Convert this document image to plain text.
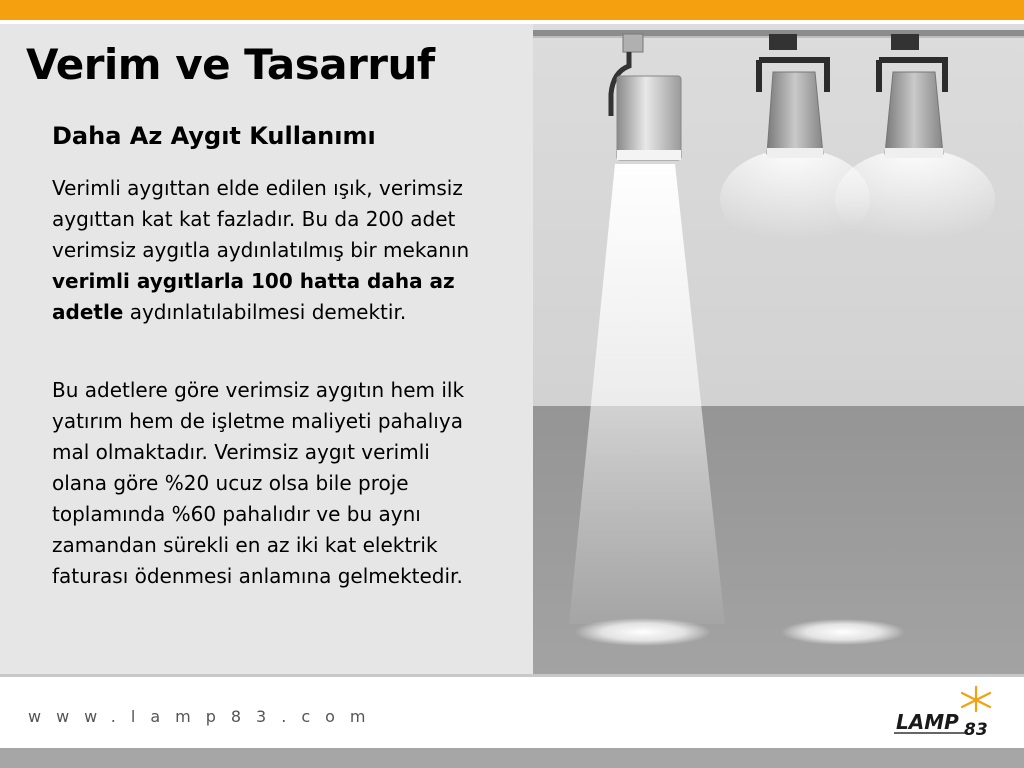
Verim ve Tasarruf
Daha Az Aygıt Kullanımı

Verimli aygıttan elde edilen ışık, verimsiz aygıttan kat kat fazladır. Bu da 200 adet verimsiz aygıtla aydınlatılmış bir mekanın verimli aygıtlarla 100 hatta daha az adetle aydınlatılabilmesi demektir.

Bu adetlere göre verimsiz aygıtın hem ilk yatırım hem de işletme maliyeti pahalıya mal olmaktadır. Verimsiz aygıt verimli olana göre %20 ucuz olsa bile proje toplamında %60 pahalıdır ve bu aynı zamandan sürekli en az iki kat elektrik faturası ödenmesi anlamına gelmektedir.

www.lamp83.com	LAMP 83
